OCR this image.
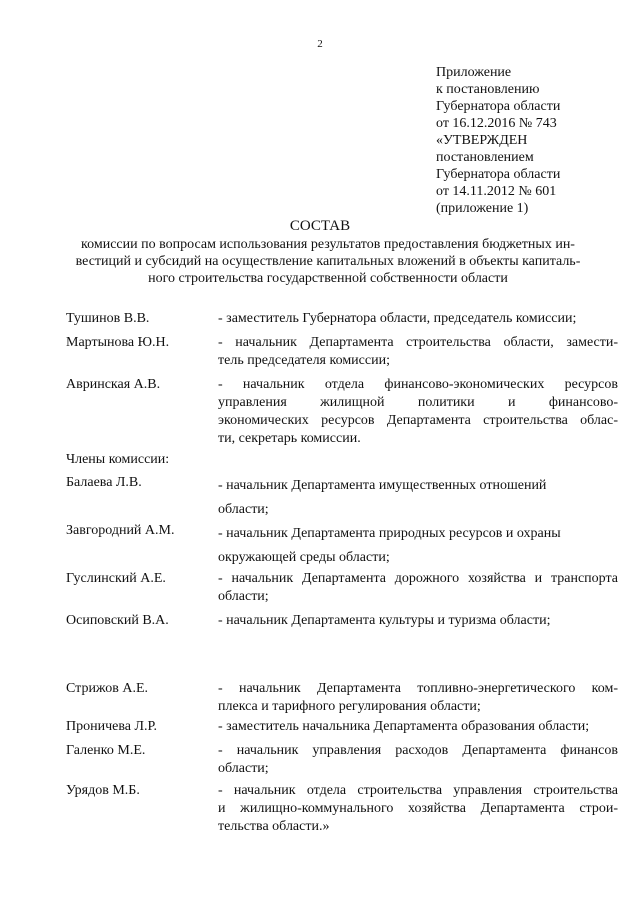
2
Приложение
к постановлению
Губернатора области
от 16.12.2016 № 743
«УТВЕРЖДЕН
постановлением
Губернатора области
от 14.11.2012 № 601
(приложение 1)
СОСТАВ
комиссии по вопросам использования результатов предоставления бюджетных ин-
вестиций и субсидий на осуществление капитальных вложений в объекты капиталь-
ного строительства государственной собственности области
Тушинов В.В.	- заместитель Губернатора области, председатель комиссии;
Мартынова Ю.Н.	- начальник Департамента строительства области, замести-
тель председателя комиссии;
Авринская А.В.	- начальник отдела финансово-экономических ресурсов
управления жилищной политики и финансово-
экономических ресурсов Департамента строительства облас-
ти, секретарь комиссии.
Члены комиссии:
Балаева Л.В.	- начальник Департамента имущественных отношений
области;
Завгородний А.М.	- начальник Департамента природных ресурсов и охраны
окружающей среды области;
Гуслинский А.Е.	- начальник Департамента дорожного хозяйства и транспорта
области;
Осиповский В.А.	- начальник Департамента культуры и туризма области;
Стрижов А.Е.	- начальник Департамента топливно-энергетического ком-
плекса и тарифного регулирования области;
Проничева Л.Р.	- заместитель начальника Департамента образования области;
Галенко М.Е.	- начальник управления расходов Департамента финансов
области;
Урядов М.Б.	- начальник отдела строительства управления строительства
и жилищно-коммунального хозяйства Департамента строи-
тельства области.»
